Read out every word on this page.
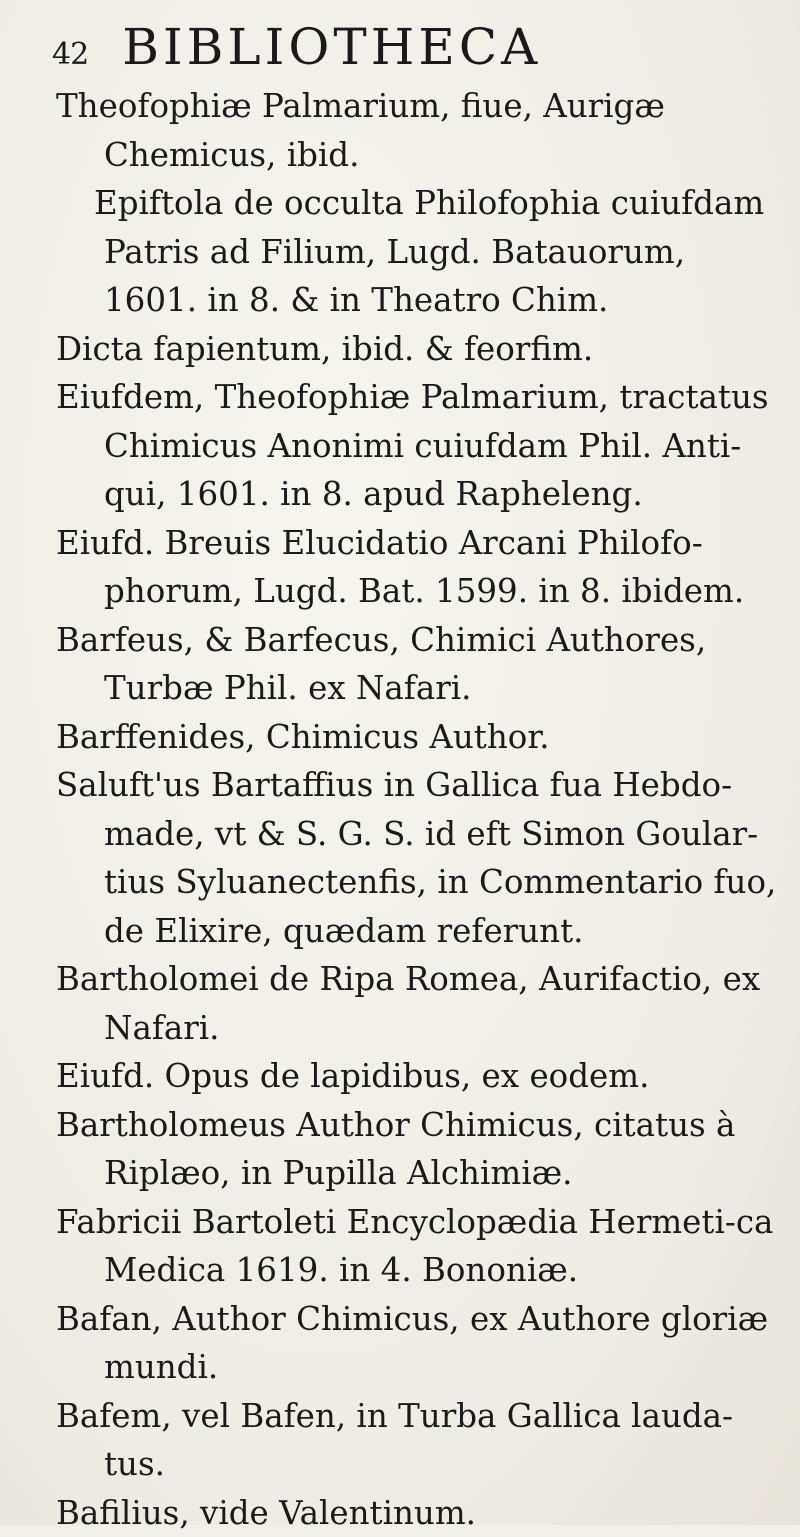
42 BIBLIOTHECA

Theofophiæ Palmarium, fiue, Aurigæ Chemicus, ibid.

Epiftola de occulta Philofophia cuiufdam Patris ad Filium, Lugd. Batauorum, 1601. in 8. & in Theatro Chim.

Dicta fapientum, ibid. & feorfim.

Eiufdem, Theofophiæ Palmarium, tractatus Chimicus Anonimi cuiufdam Phil. Anti-qui, 1601. in 8. apud Rapheleng.

Eiufd. Breuis Elucidatio Arcani Philofo-phorum, Lugd. Bat. 1599. in 8. ibidem.

Barfeus, & Barfecus, Chimici Authores, Turbæ Phil. ex Nafari.

Barffenides, Chimicus Author.

Saluft'us Bartaffius in Gallica fua Hebdo-made, vt & S. G. S. id eft Simon Goular-tius Syluanectenfis, in Commentario fuo, de Elixire, quædam referunt.

Bartholomei de Ripa Romea, Aurifactio, ex Nafari.

Eiufd. Opus de lapidibus, ex eodem.

Bartholomeus Author Chimicus, citatus à Riplæo, in Pupilla Alchimiæ.

Fabricii Bartoleti Encyclopædia Hermeti-ca Medica 1619. in 4. Bononiæ.

Bafan, Author Chimicus, ex Authore gloriæ mundi.

Bafem, vel Bafen, in Turba Gallica lauda-tus.

Bafilius, vide Valentinum.
